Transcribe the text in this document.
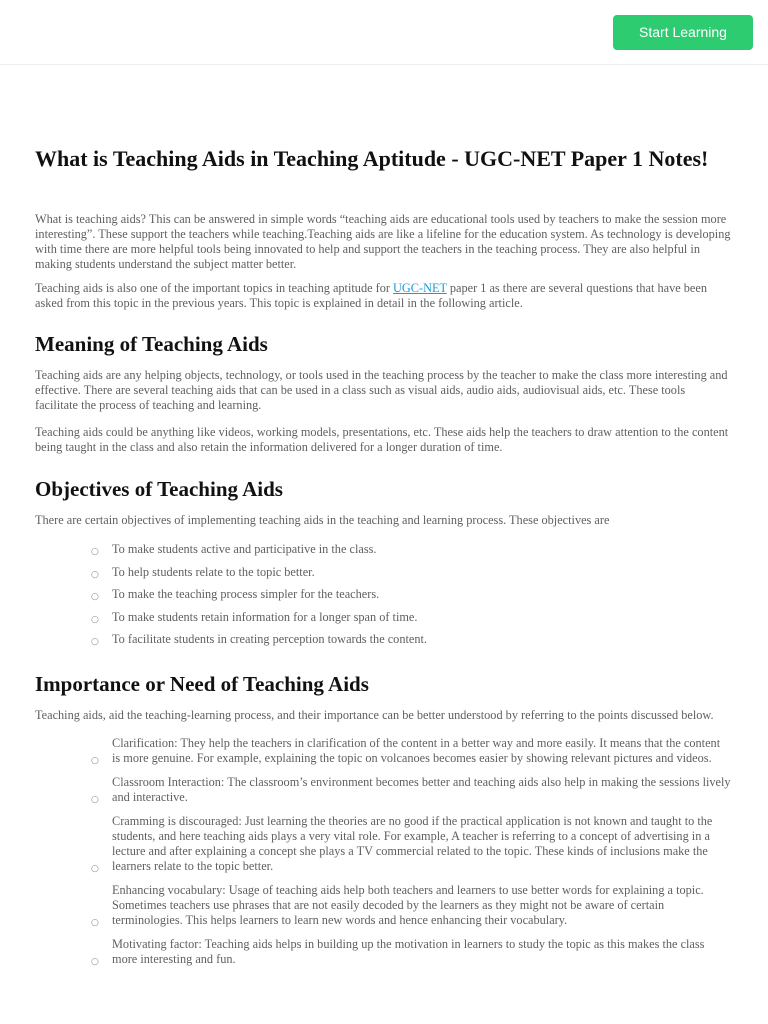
Start Learning
What is Teaching Aids in Teaching Aptitude - UGC-NET Paper 1 Notes!

What is teaching aids? This can be answered in simple words “teaching aids are educational tools used by teachers to make the session more interesting”. These support the teachers while teaching.Teaching aids are like a lifeline for the education system. As technology is developing with time there are more helpful tools being innovated to help and support the teachers in the teaching process. They are also helpful in making students understand the subject matter better.

Teaching aids is also one of the important topics in teaching aptitude for UGC-NET paper 1 as there are several questions that have been asked from this topic in the previous years. This topic is explained in detail in the following article.

Meaning of Teaching Aids

Teaching aids are any helping objects, technology, or tools used in the teaching process by the teacher to make the class more interesting and effective. There are several teaching aids that can be used in a class such as visual aids, audio aids, audiovisual aids, etc. These tools facilitate the process of teaching and learning.

Teaching aids could be anything like videos, working models, presentations, etc. These aids help the teachers to draw attention to the content being taught in the class and also retain the information delivered for a longer duration of time.

Objectives of Teaching Aids

There are certain objectives of implementing teaching aids in the teaching and learning process. These objectives are

○ To make students active and participative in the class.
○ To help students relate to the topic better.
○ To make the teaching process simpler for the teachers.
○ To make students retain information for a longer span of time.
○ To facilitate students in creating perception towards the content.
Importance or Need of Teaching Aids

Teaching aids, aid the teaching-learning process, and their importance can be better understood by referring to the points discussed below.

○
Clarification: They help the teachers in clarification of the content in a better way and more easily. It means that the content is more genuine. For example, explaining the topic on volcanoes becomes easier by showing relevant pictures and videos.
○
Classroom Interaction: The classroom’s environment becomes better and teaching aids also help in making the sessions lively and interactive.
○
Cramming is discouraged: Just learning the theories are no good if the practical application is not known and taught to the students, and here teaching aids plays a very vital role. For example, A teacher is referring to a concept of advertising in a lecture and after explaining a concept she plays a TV commercial related to the topic. These kinds of inclusions make the learners relate to the topic better.
○
Enhancing vocabulary: Usage of teaching aids help both teachers and learners to use better words for explaining a topic. Sometimes teachers use phrases that are not easily decoded by the learners as they might not be aware of certain terminologies. This helps learners to learn new words and hence enhancing their vocabulary.
○
Motivating factor: Teaching aids helps in building up the motivation in learners to study the topic as this makes the class more interesting and fun.
